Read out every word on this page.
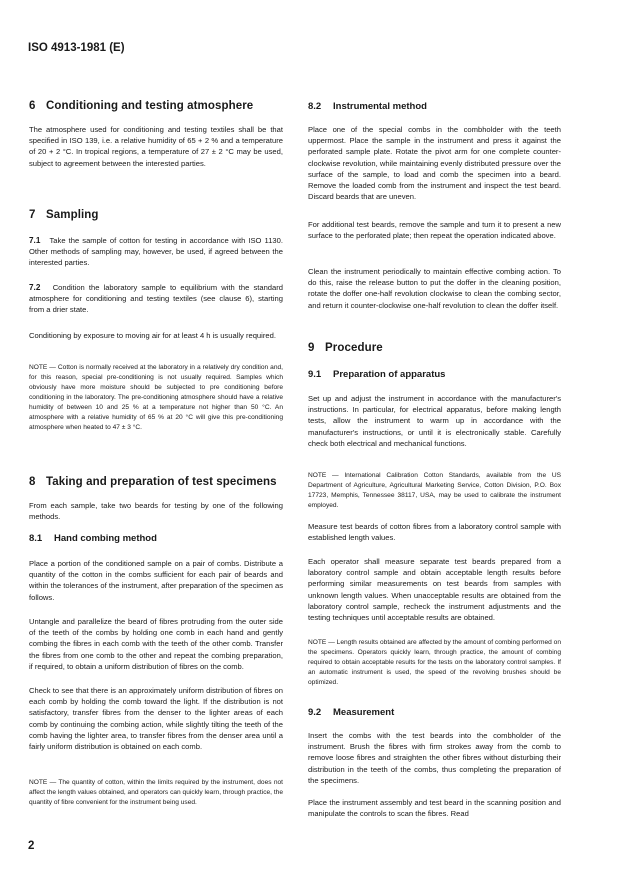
ISO 4913-1981 (E)
6 Conditioning and testing atmosphere
The atmosphere used for conditioning and testing textiles shall be that specified in ISO 139, i.e. a relative humidity of 65 + 2 % and a temperature of 20 + 2 °C. In tropical regions, a temperature of 27 ± 2 °C may be used, subject to agreement between the interested parties.
7 Sampling
7.1 Take the sample of cotton for testing in accordance with ISO 1130. Other methods of sampling may, however, be used, if agreed between the interested parties.
7.2 Condition the laboratory sample to equilibrium with the standard atmosphere for conditioning and testing textiles (see clause 6), starting from a drier state.
Conditioning by exposure to moving air for at least 4 h is usually required.
NOTE — Cotton is normally received at the laboratory in a relatively dry condition and, for this reason, special pre-conditioning is not usually required. Samples which obviously have more moisture should be subjected to pre conditioning before conditioning in the laboratory. The pre-conditioning atmosphere should have a relative humidity of between 10 and 25 % at a temperature not higher than 50 °C. An atmosphere with a relative humidity of 65 % at 20 °C will give this pre-conditioning atmosphere when heated to 47 ± 3 °C.
8 Taking and preparation of test specimens
From each sample, take two beards for testing by one of the following methods.
8.1 Hand combing method
Place a portion of the conditioned sample on a pair of combs. Distribute a quantity of the cotton in the combs sufficient for each pair of beards and within the tolerances of the instrument, after preparation of the specimen as follows.
Untangle and parallelize the beard of fibres protruding from the outer side of the teeth of the combs by holding one comb in each hand and gently combing the fibres in each comb with the teeth of the other comb. Transfer the fibres from one comb to the other and repeat the combing preparation, if required, to obtain a uniform distribution of fibres on the comb.
Check to see that there is an approximately uniform distribution of fibres on each comb by holding the comb toward the light. If the distribution is not satisfactory, transfer fibres from the denser to the lighter areas of each comb by continuing the combing action, while slightly tilting the teeth of the comb having the lighter area, to transfer fibres from the denser area until a fairly uniform distribution is obtained on each comb.
NOTE — The quantity of cotton, within the limits required by the instrument, does not affect the length values obtained, and operators can quickly learn, through practice, the quantity of fibre convenient for the instrument being used.
8.2 Instrumental method
Place one of the special combs in the combholder with the teeth uppermost. Place the sample in the instrument and press it against the perforated sample plate. Rotate the pivot arm for one complete counter-clockwise revolution, while maintaining evenly distributed pressure over the surface of the sample, to load and comb the specimen into a beard. Remove the loaded comb from the instrument and inspect the test beard. Discard beards that are uneven.
For additional test beards, remove the sample and turn it to present a new surface to the perforated plate; then repeat the operation indicated above.
Clean the instrument periodically to maintain effective combing action. To do this, raise the release button to put the doffer in the cleaning position, rotate the doffer one-half revolution clockwise to clean the combing sector, and return it counter-clockwise one-half revolution to clean the doffer itself.
9 Procedure
9.1 Preparation of apparatus
Set up and adjust the instrument in accordance with the manufacturer's instructions. In particular, for electrical apparatus, before making length tests, allow the instrument to warm up in accordance with the manufacturer's instructions, or until it is electronically stable. Carefully check both electrical and mechanical functions.
NOTE — International Calibration Cotton Standards, available from the US Department of Agriculture, Agricultural Marketing Service, Cotton Division, P.O. Box 17723, Memphis, Tennessee 38117, USA, may be used to calibrate the instrument employed.
Measure test beards of cotton fibres from a laboratory control sample with established length values.
Each operator shall measure separate test beards prepared from a laboratory control sample and obtain acceptable length results before performing similar measurements on test beards from samples with unknown length values. When unacceptable results are obtained from the laboratory control sample, recheck the instrument adjustments and the testing techniques until acceptable results are obtained.
NOTE — Length results obtained are affected by the amount of combing performed on the specimens. Operators quickly learn, through practice, the amount of combing required to obtain acceptable results for the tests on the laboratory control samples. If an automatic instrument is used, the speed of the revolving brushes should be optimized.
9.2 Measurement
Insert the combs with the test beards into the combholder of the instrument. Brush the fibres with firm strokes away from the comb to remove loose fibres and straighten the other fibres without disturbing their distribution in the teeth of the combs, thus completing the preparation of the specimens.
Place the instrument assembly and test beard in the scanning position and manipulate the controls to scan the fibres. Read
2
